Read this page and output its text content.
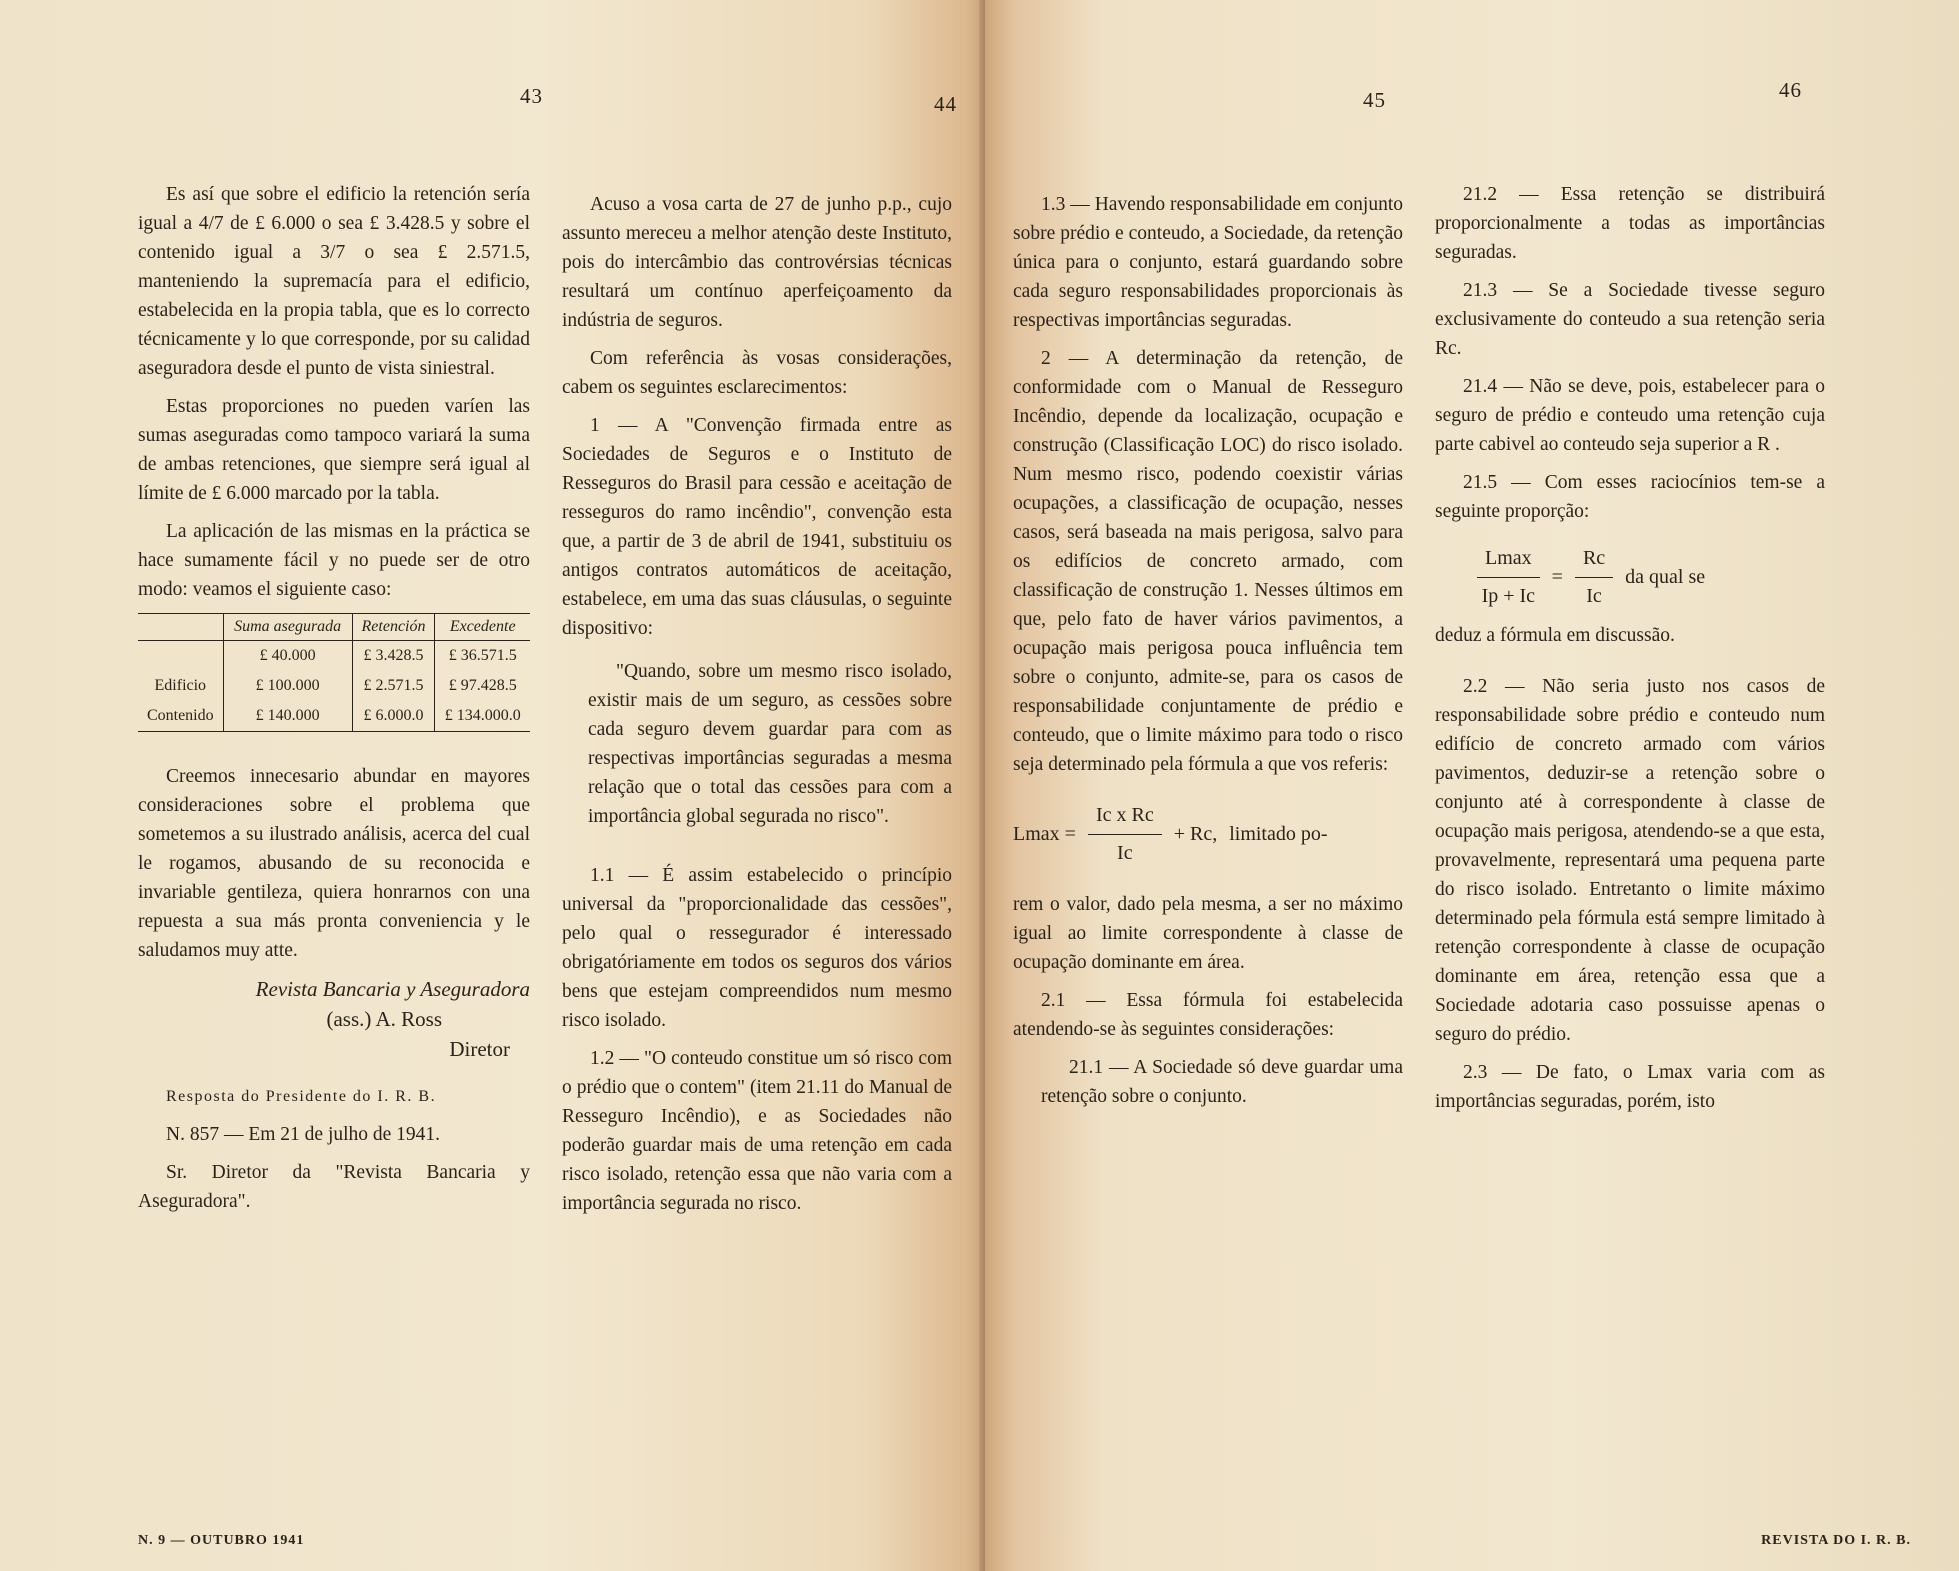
43	44

Es así que sobre el edificio la retención sería igual a 4/7 de £ 6.000 o sea £ 3.428.5 y sobre el contenido igual a 3/7 o sea £ 2.571.5, manteniendo la supremacía para el edificio, estabelecida en la propia tabla, que es lo correcto técnicamente y lo que corresponde, por su calidad aseguradora desde el punto de vista siniestral.

Estas proporciones no pueden varíen las sumas aseguradas como tampoco variará la suma de ambas retenciones, que siempre será igual al límite de £ 6.000 marcado por la tabla.

La aplicación de las mismas en la práctica se hace sumamente fácil y no puede ser de otro modo: veamos el siguiente caso:

	Suma asegurada	Retención	Excedente
	£ 40.000	£ 3.428.5	£ 36.571.5
Edificio	£ 100.000	£ 2.571.5	£ 97.428.5
Contenido	£ 140.000	£ 6.000.0	£ 134.000.0

Creemos innecesario abundar en mayores consideraciones sobre el problema que sometemos a su ilustrado análisis, acerca del cual le rogamos, abusando de su reconocida e invariable gentileza, quiera honrarnos con una repuesta a sua más pronta conveniencia y le saludamos muy atte.

Revista Bancaria y Aseguradora
(ass.) A. Ross
Diretor

Resposta do Presidente do I. R. B.

N. 857 — Em 21 de julho de 1941.

Sr. Diretor da "Revista Bancaria y Aseguradora".

Acuso a vosa carta de 27 de junho p.p., cujo assunto mereceu a melhor atenção deste Instituto, pois do intercâmbio das controvérsias técnicas resultará um contínuo aperfeiçoamento da indústria de seguros.

Com referência às vosas considerações, cabem os seguintes esclarecimentos:

1 — A "Convenção firmada entre as Sociedades de Seguros e o Instituto de Resseguros do Brasil para cessão e aceitação de resseguros do ramo incêndio", convenção esta que, a partir de 3 de abril de 1941, substituiu os antigos contratos automáticos de aceitação, estabelece, em uma das suas cláusulas, o seguinte dispositivo:

"Quando, sobre um mesmo risco isolado, existir mais de um seguro, as cessões sobre cada seguro devem guardar para com as respectivas importâncias seguradas a mesma relação que o total das cessões para com a importância global segurada no risco".

1.1 — É assim estabelecido o princípio universal da "proporcionalidade das cessões", pelo qual o ressegurador é interessado obrigatóriamente em todos os seguros dos vários bens que estejam compreendidos num mesmo risco isolado.

1.2 — "O conteudo constitue um só risco com o prédio que o contem" (item 21.11 do Manual de Resseguro Incêndio), e as Sociedades não poderão guardar mais de uma retenção em cada risco isolado, retenção essa que não varia com a importância segurada no risco.

N. 9 — OUTUBRO 1941
45	46

1.3 — Havendo responsabilidade em conjunto sobre prédio e conteudo, a Sociedade, da retenção única para o conjunto, estará guardando sobre cada seguro responsabilidades proporcionais às respectivas importâncias seguradas.

2 — A determinação da retenção, de conformidade com o Manual de Resseguro Incêndio, depende da localização, ocupação e construção (Classificação LOC) do risco isolado. Num mesmo risco, podendo coexistir várias ocupações, a classificação de ocupação, nesses casos, será baseada na mais perigosa, salvo para os edifícios de concreto armado, com classificação de construção 1. Nesses últimos em que, pelo fato de haver vários pavimentos, a ocupação mais perigosa pouca influência tem sobre o conjunto, admite-se, para os casos de responsabilidade conjuntamente de prédio e conteudo, que o limite máximo para todo o risco seja determinado pela fórmula a que vos referis:

$Lmax = \frac{\text{Ic x Rc}}{Ic} + Rc$, limitado po-

rem o valor, dado pela mesma, a ser no máximo igual ao limite correspondente à classe de ocupação dominante em área.

2.1 — Essa fórmula foi estabelecida atendendo-se às seguintes considerações:

21.1 — A Sociedade só deve guardar uma retenção sobre o conjunto.

21.2 — Essa retenção se distribuirá proporcionalmente a todas as importâncias seguradas.

21.3 — Se a Sociedade tivesse seguro exclusivamente do conteudo a sua retenção seria Rc.

21.4 — Não se deve, pois, estabelecer para o seguro de prédio e conteudo uma retenção cuja parte cabivel ao conteudo seja superior a R .

21.5 — Com esses raciocínios tem-se a seguinte proporção:

$\frac{Lmax}{Ip + Ic} = \frac{Rc}{Ic}$ da qual se

deduz a fórmula em discussão.

2.2 — Não seria justo nos casos de responsabilidade sobre prédio e conteudo num edifício de concreto armado com vários pavimentos, deduzir-se a retenção sobre o conjunto até à correspondente à classe de ocupação mais perigosa, atendendo-se a que esta, provavelmente, representará uma pequena parte do risco isolado. Entretanto o limite máximo determinado pela fórmula está sempre limitado à retenção correspondente à classe de ocupação dominante em área, retenção essa que a Sociedade adotaria caso possuisse apenas o seguro do prédio.

2.3 — De fato, o Lmax varia com as importâncias seguradas, porém, isto

REVISTA DO I. R. B.
